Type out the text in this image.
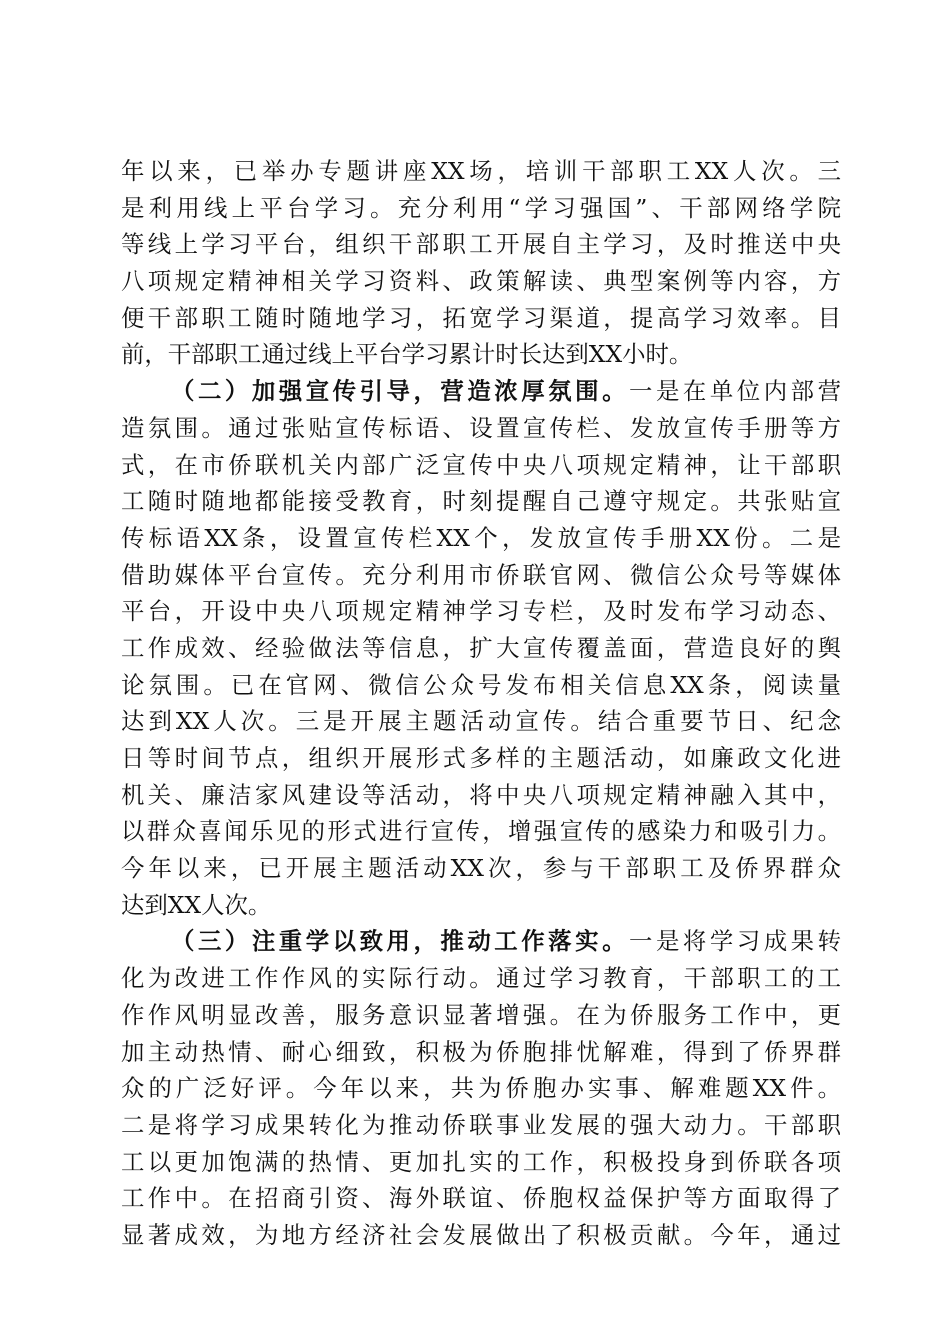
年以来，已举办专题讲座XX场，培训干部职工XX人次。三
是利用线上平台学习。充分利用“学习强国”、干部网络学院
等线上学习平台，组织干部职工开展自主学习，及时推送中央
八项规定精神相关学习资料、政策解读、典型案例等内容，方
便干部职工随时随地学习，拓宽学习渠道，提高学习效率。目
前，干部职工通过线上平台学习累计时长达到XX小时。
（二）加强宣传引导，营造浓厚氛围。一是在单位内部营
造氛围。通过张贴宣传标语、设置宣传栏、发放宣传手册等方
式，在市侨联机关内部广泛宣传中央八项规定精神，让干部职
工随时随地都能接受教育，时刻提醒自己遵守规定。共张贴宣
传标语XX条，设置宣传栏XX个，发放宣传手册XX份。二是
借助媒体平台宣传。充分利用市侨联官网、微信公众号等媒体
平台，开设中央八项规定精神学习专栏，及时发布学习动态、
工作成效、经验做法等信息，扩大宣传覆盖面，营造良好的舆
论氛围。已在官网、微信公众号发布相关信息XX条，阅读量
达到XX人次。三是开展主题活动宣传。结合重要节日、纪念
日等时间节点，组织开展形式多样的主题活动，如廉政文化进
机关、廉洁家风建设等活动，将中央八项规定精神融入其中，
以群众喜闻乐见的形式进行宣传，增强宣传的感染力和吸引力。
今年以来，已开展主题活动XX次，参与干部职工及侨界群众
达到XX人次。
（三）注重学以致用，推动工作落实。一是将学习成果转
化为改进工作作风的实际行动。通过学习教育，干部职工的工
作作风明显改善，服务意识显著增强。在为侨服务工作中，更
加主动热情、耐心细致，积极为侨胞排忧解难，得到了侨界群
众的广泛好评。今年以来，共为侨胞办实事、解难题XX件。
二是将学习成果转化为推动侨联事业发展的强大动力。干部职
工以更加饱满的热情、更加扎实的工作，积极投身到侨联各项
工作中。在招商引资、海外联谊、侨胞权益保护等方面取得了
显著成效，为地方经济社会发展做出了积极贡献。今年，通过
